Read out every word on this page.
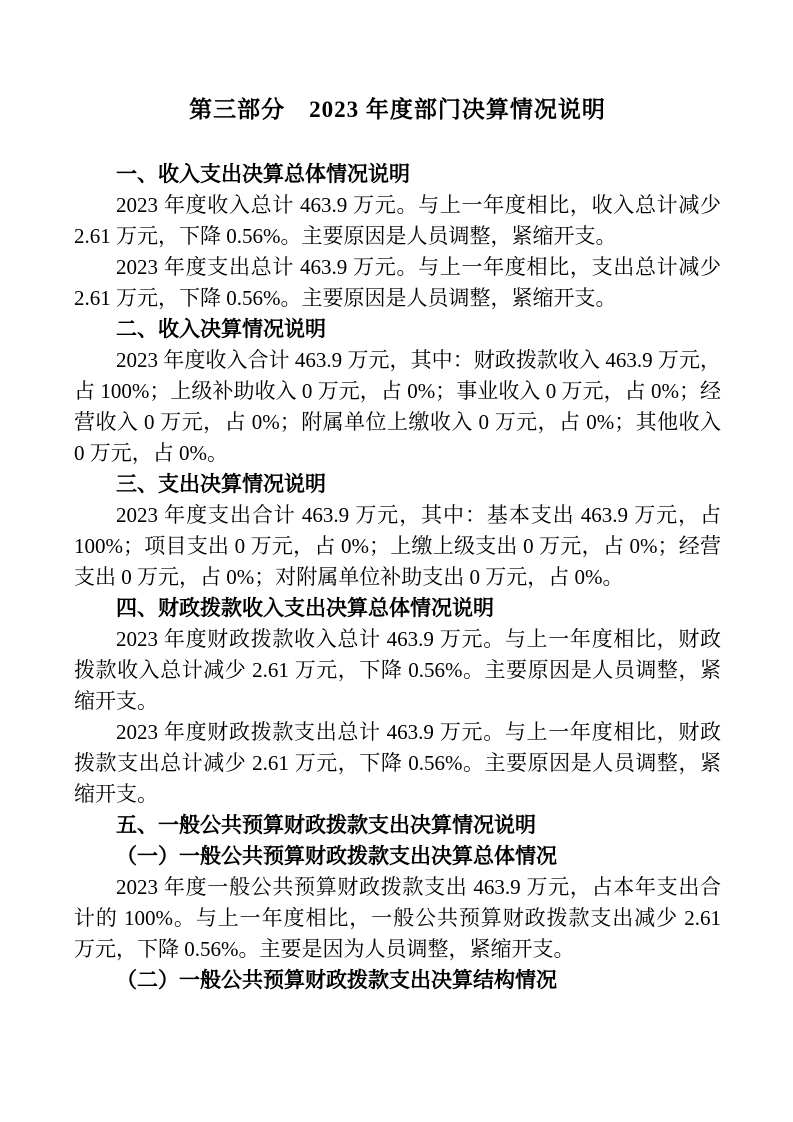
第三部分　2023 年度部门决算情况说明
一、收入支出决算总体情况说明

2023 年度收入总计 463.9 万元。与上一年度相比，收入总计减少 2.61 万元，下降 0.56%。主要原因是人员调整，紧缩开支。

2023 年度支出总计 463.9 万元。与上一年度相比，支出总计减少 2.61 万元，下降 0.56%。主要原因是人员调整，紧缩开支。

二、收入决算情况说明

2023 年度收入合计 463.9 万元，其中：财政拨款收入 463.9 万元，占 100%；上级补助收入 0 万元，占 0%；事业收入 0 万元，占 0%；经营收入 0 万元，占 0%；附属单位上缴收入 0 万元，占 0%；其他收入 0 万元，占 0%。

三、支出决算情况说明

2023 年度支出合计 463.9 万元，其中：基本支出 463.9 万元，占 100%；项目支出 0 万元，占 0%；上缴上级支出 0 万元，占 0%；经营支出 0 万元，占 0%；对附属单位补助支出 0 万元，占 0%。

四、财政拨款收入支出决算总体情况说明

2023 年度财政拨款收入总计 463.9 万元。与上一年度相比，财政拨款收入总计减少 2.61 万元，下降 0.56%。主要原因是人员调整，紧缩开支。

2023 年度财政拨款支出总计 463.9 万元。与上一年度相比，财政拨款支出总计减少 2.61 万元，下降 0.56%。主要原因是人员调整，紧缩开支。

五、一般公共预算财政拨款支出决算情况说明
（一）一般公共预算财政拨款支出决算总体情况

2023 年度一般公共预算财政拨款支出 463.9 万元，占本年支出合计的 100%。与上一年度相比，一般公共预算财政拨款支出减少 2.61 万元，下降 0.56%。主要是因为人员调整，紧缩开支。

（二）一般公共预算财政拨款支出决算结构情况
